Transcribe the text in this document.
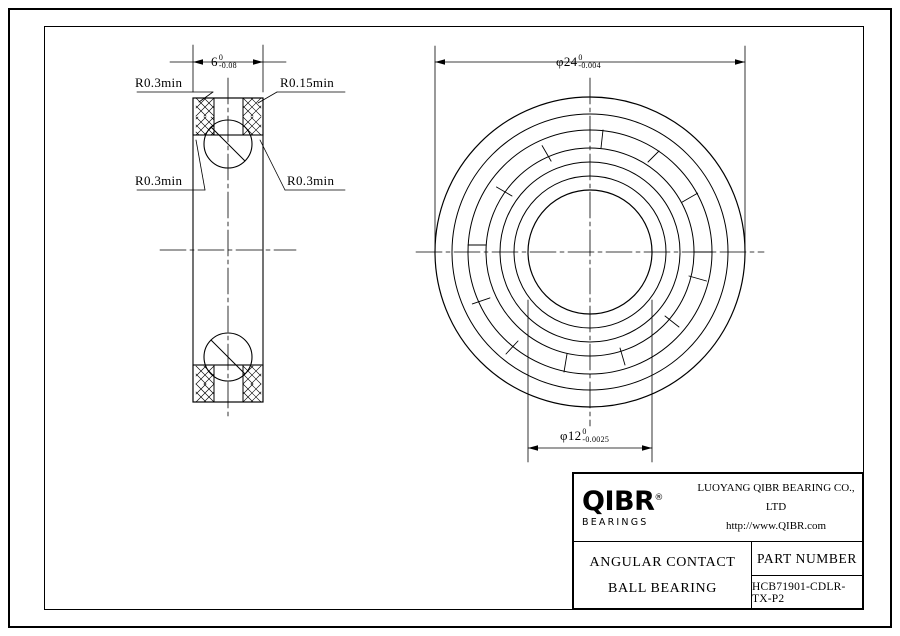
6 0
-0.08
R0.3min	R0.15min
R0.3min	R0.3min
φ24 0
-0.004
φ12 0
-0.0025
QIBR®
BEARINGS
LUOYANG QIBR BEARING CO., LTD
http://www.QIBR.com
ANGULAR CONTACT
BALL BEARING
PART NUMBER
HCB71901-CDLR-TX-P2
